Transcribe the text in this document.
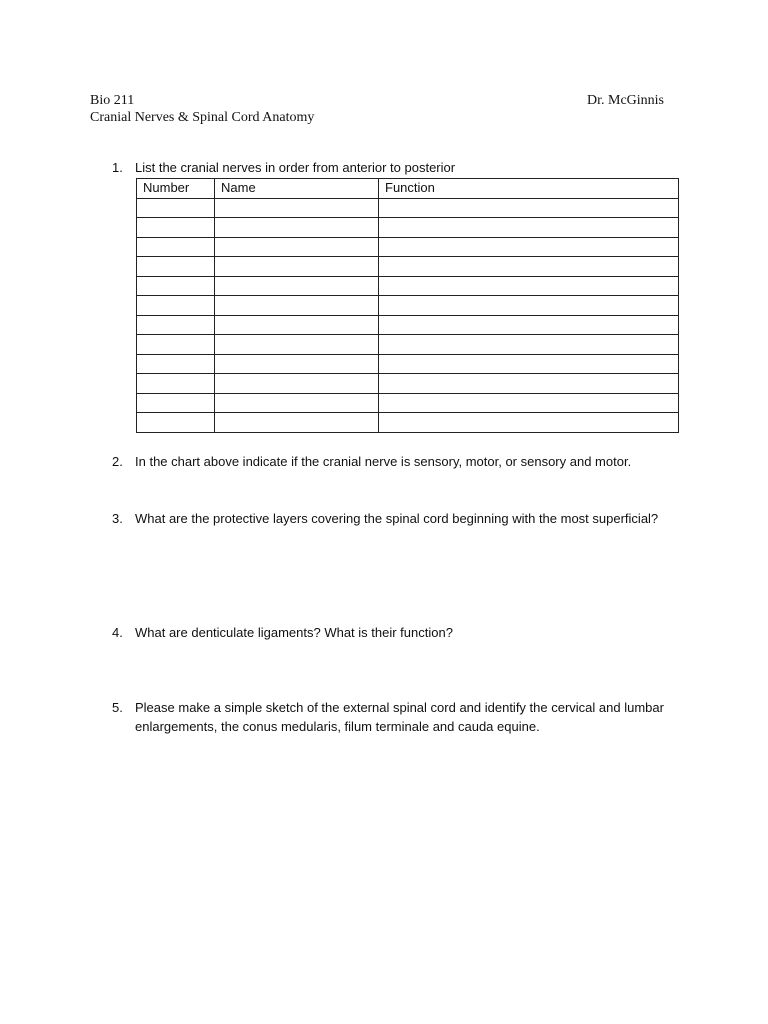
Bio 211
Cranial Nerves & Spinal Cord Anatomy
Dr. McGinnis
1. List the cranial nerves in order from anterior to posterior
Number	Name	Function

2. In the chart above indicate if the cranial nerve is sensory, motor, or sensory and motor.
3. What are the protective layers covering the spinal cord beginning with the most superficial?
4. What are denticulate ligaments? What is their function?
5. Please make a simple sketch of the external spinal cord and identify the cervical and lumbar enlargements, the conus medularis, filum terminale and cauda equine.
